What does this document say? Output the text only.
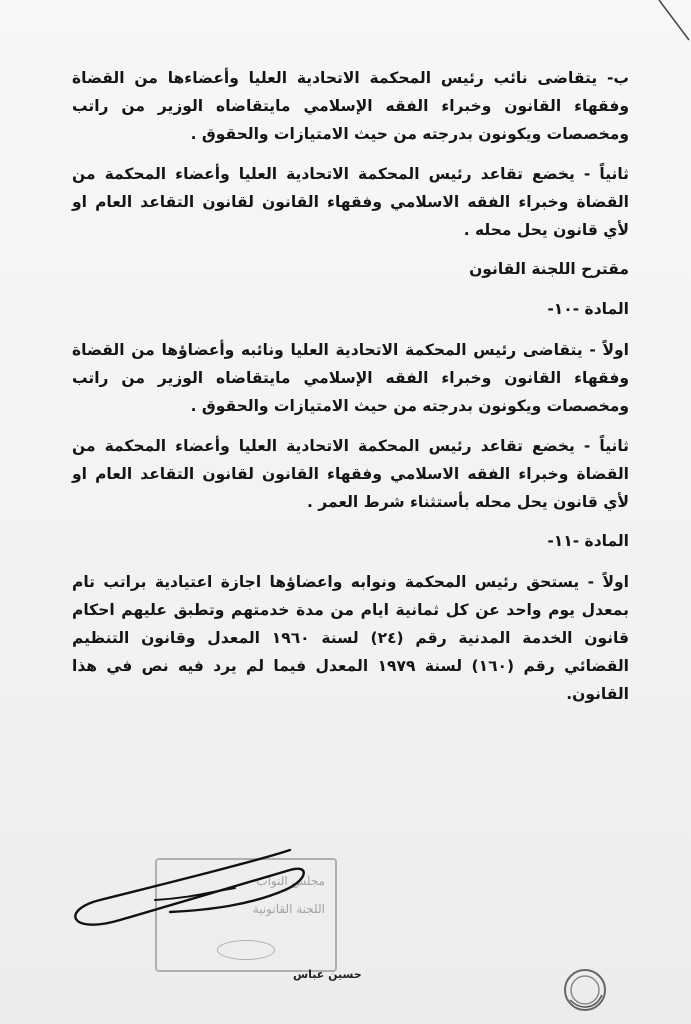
ب- يتقاضى نائب رئيس المحكمة الاتحادية العليا وأعضاءها من القضاة وفقهاء القانون وخبراء الفقه الإسلامي مايتقاضاه الوزير من راتب ومخصصات ويكونون بدرجته من حيث الامتيازات والحقوق .

ثانياً - يخضع تقاعد رئيس المحكمة الاتحادية العليا وأعضاء المحكمة من القضاة وخبراء الفقه الاسلامي وفقهاء القانون لقانون التقاعد العام او لأي قانون يحل محله .

مقترح اللجنة القانون
المادة -١٠-

اولاً - يتقاضى رئيس المحكمة الاتحادية العليا ونائبه وأعضاؤها من القضاة وفقهاء القانون وخبراء الفقه الإسلامي مايتقاضاه الوزير من راتب ومخصصات ويكونون بدرجته من حيث الامتيازات والحقوق .

ثانياً - يخضع تقاعد رئيس المحكمة الاتحادية العليا وأعضاء المحكمة من القضاة وخبراء الفقه الاسلامي وفقهاء القانون لقانون التقاعد العام او لأي قانون يحل محله بأستثناء شرط العمر .

المادة -١١-

اولاً - يستحق رئيس المحكمة ونوابه واعضاؤها اجازة اعتيادية براتب تام بمعدل يوم واحد عن كل ثمانية ايام من مدة خدمتهم وتطبق عليهم احكام قانون الخدمة المدنية رقم (٢٤) لسنة ١٩٦٠ المعدل وقانون التنظيم القضائي رقم (١٦٠) لسنة ١٩٧٩ المعدل فيما لم يرد فيه نص في هذا القانون.

مجلس النواب
اللجنة القانونية
حسين عباس
